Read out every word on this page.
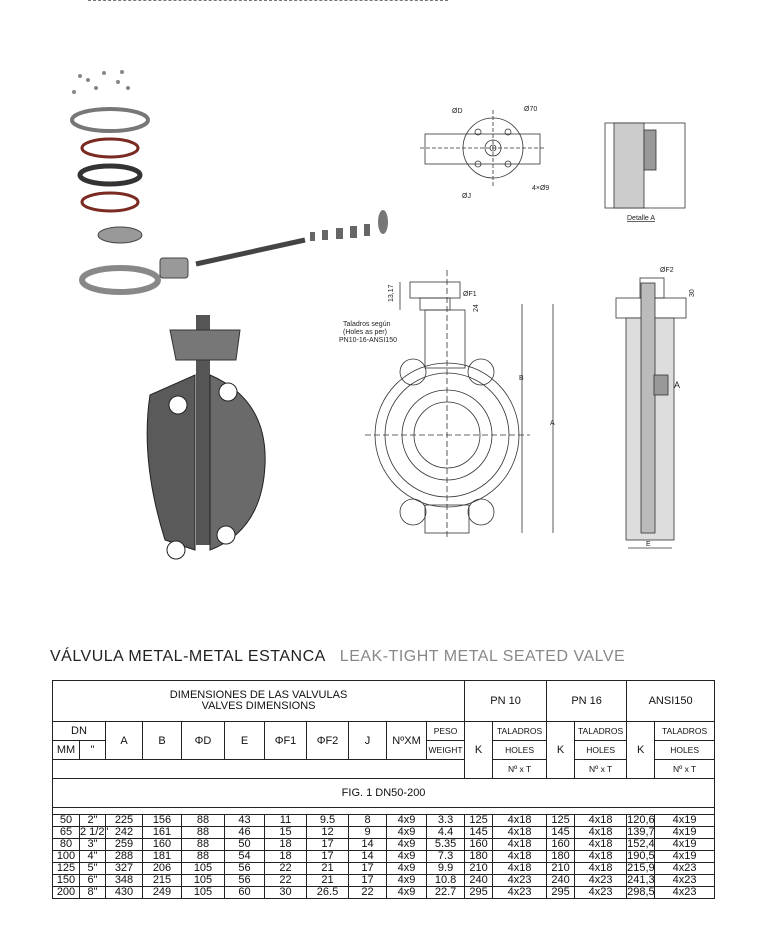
ØD	Ø70
4×Ø9
ØJ
Detalle A
13,17	ØF1
24
Taladros según
(Holes as per)
PN10-16-ANSI150
B
A
ØF2
30
A
E
VÁLVULA METAL-METAL ESTANCA LEAK-TIGHT METAL SEATED VALVE
DIMENSIONES DE LAS VALVULAS
VALVES DIMENSIONS											PN 10		PN 16		ANSI150	
DN		A	B	ΦD	E	ΦF1	ΦF2	J	NºXM	PESO	K	TALADROS	K	TALADROS	K	TALADROS
MM	"									WEIGHT		HOLES		HOLES		HOLES
												Nº x T		Nº x T		Nº x T
FIG. 1 DN50-200																

50	2"	225	156	88	43	11	9.5	8	4x9	3.3	125	4x18	125	4x18	120,6	4x19
65	2 1/2"	242	161	88	46	15	12	9	4x9	4.4	145	4x18	145	4x18	139,7	4x19
80	3"	259	160	88	50	18	17	14	4x9	5.35	160	4x18	160	4x18	152,4	4x19
100	4"	288	181	88	54	18	17	14	4x9	7.3	180	4x18	180	4x18	190,5	4x19
125	5"	327	206	105	56	22	21	17	4x9	9.9	210	4x18	210	4x18	215,9	4x23
150	6"	348	215	105	56	22	21	17	4x9	10.8	240	4x23	240	4x23	241,3	4x23
200	8"	430	249	105	60	30	26.5	22	4x9	22.7	295	4x23	295	4x23	298,5	4x23
